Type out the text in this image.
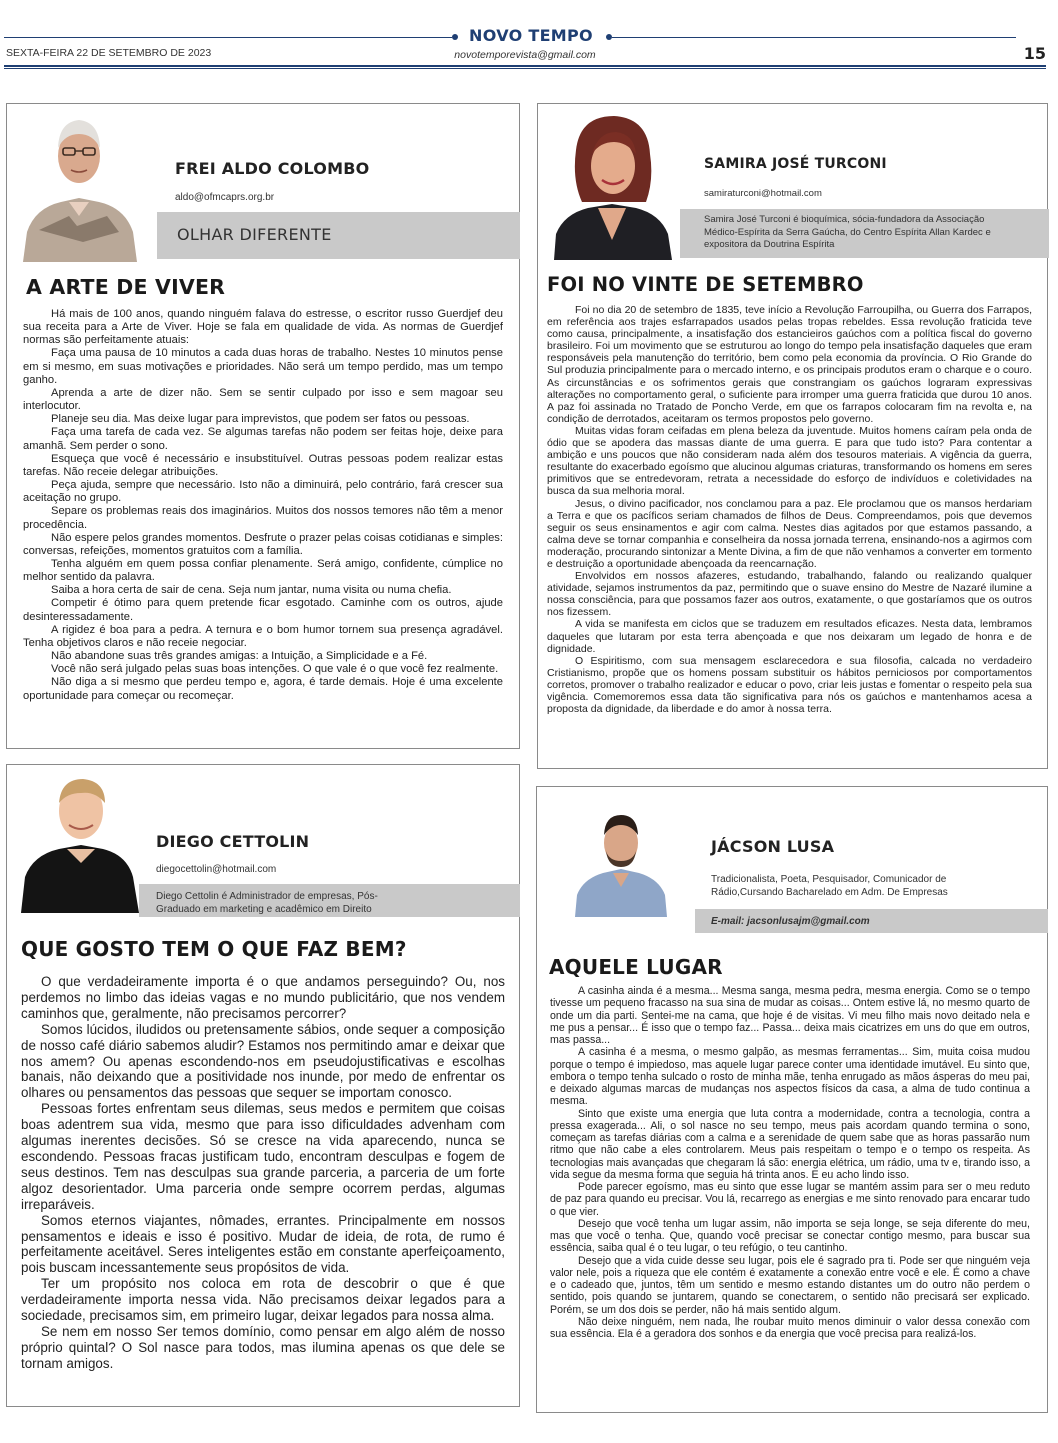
NOVO TEMPO
SEXTA-FEIRA 22 DE SETEMBRO DE 2023	novotemporevista@gmail.com	15
FREI ALDO COLOMBO
aldo@ofmcaprs.org.br
OLHAR DIFERENTE
A ARTE DE VIVER

Há mais de 100 anos, quando ninguém falava do estresse, o escritor russo Guerdjef deu sua receita para a Arte de Viver. Hoje se fala em qualidade de vida. As normas de Guerdjef normas são perfeitamente atuais:

Faça uma pausa de 10 minutos a cada duas horas de trabalho. Nestes 10 minutos pense em si mesmo, em suas motivações e prioridades. Não será um tempo perdido, mas um tempo ganho.

Aprenda a arte de dizer não. Sem se sentir culpado por isso e sem magoar seu interlocutor.

Planeje seu dia. Mas deixe lugar para imprevistos, que podem ser fatos ou pessoas.

Faça uma tarefa de cada vez. Se algumas tarefas não podem ser feitas hoje, deixe para amanhã. Sem perder o sono.

Esqueça que você é necessário e insubstituível. Outras pessoas podem realizar estas tarefas. Não receie delegar atribuições.

Peça ajuda, sempre que necessário. Isto não a diminuirá, pelo contrário, fará crescer sua aceitação no grupo.

Separe os problemas reais dos imaginários. Muitos dos nossos temores não têm a menor procedência.

Não espere pelos grandes momentos. Desfrute o prazer pelas coisas cotidianas e simples: conversas, refeições, momentos gratuitos com a família.

Tenha alguém em quem possa confiar plenamente. Será amigo, confidente, cúmplice no melhor sentido da palavra.

Saiba a hora certa de sair de cena. Seja num jantar, numa visita ou numa chefia.

Competir é ótimo para quem pretende ficar esgotado. Caminhe com os outros, ajude desinteressadamente.

A rigidez é boa para a pedra. A ternura e o bom humor tornem sua presença agradável. Tenha objetivos claros e não receie negociar.

Não abandone suas três grandes amigas: a Intuição, a Simplicidade e a Fé.

Você não será julgado pelas suas boas intenções. O que vale é o que você fez realmente.

Não diga a si mesmo que perdeu tempo e, agora, é tarde demais. Hoje é uma excelente oportunidade para começar ou recomeçar.

SAMIRA JOSÉ TURCONI
samiraturconi@hotmail.com
Samira José Turconi é bioquímica, sócia-fundadora da Associação Médico-Espírita da Serra Gaúcha, do Centro Espírita Allan Kardec e expositora da Doutrina Espírita
FOI NO VINTE DE SETEMBRO

Foi no dia 20 de setembro de 1835, teve início a Revolução Farroupilha, ou Guerra dos Farrapos, em referência aos trajes esfarrapados usados pelas tropas rebeldes. Essa revolução fraticida teve como causa, principalmente, a insatisfação dos estancieiros gaúchos com a política fiscal do governo brasileiro. Foi um movimento que se estruturou ao longo do tempo pela insatisfação daqueles que eram responsáveis pela manutenção do território, bem como pela economia da província. O Rio Grande do Sul produzia principalmente para o mercado interno, e os principais produtos eram o charque e o couro. As circunstâncias e os sofrimentos gerais que constrangiam os gaúchos lograram expressivas alterações no comportamento geral, o suficiente para irromper uma guerra fraticida que durou 10 anos. A paz foi assinada no Tratado de Poncho Verde, em que os farrapos colocaram fim na revolta e, na condição de derrotados, aceitaram os termos propostos pelo governo.

Muitas vidas foram ceifadas em plena beleza da juventude. Muitos homens caíram pela onda de ódio que se apodera das massas diante de uma guerra. E para que tudo isto? Para contentar a ambição e uns poucos que não consideram nada além dos tesouros materiais. A vigência da guerra, resultante do exacerbado egoísmo que alucinou algumas criaturas, transformando os homens em seres primitivos que se entredevoram, retrata a necessidade do esforço de indivíduos e coletividades na busca da sua melhoria moral.

Jesus, o divino pacificador, nos conclamou para a paz. Ele proclamou que os mansos herdariam a Terra e que os pacíficos seriam chamados de filhos de Deus. Compreendamos, pois que devemos seguir os seus ensinamentos e agir com calma. Nestes dias agitados por que estamos passando, a calma deve se tornar companhia e conselheira da nossa jornada terrena, ensinando-nos a agirmos com moderação, procurando sintonizar a Mente Divina, a fim de que não venhamos a converter em tormento e destruição a oportunidade abençoada da reencarnação.

Envolvidos em nossos afazeres, estudando, trabalhando, falando ou realizando qualquer atividade, sejamos instrumentos da paz, permitindo que o suave ensino do Mestre de Nazaré ilumine a nossa consciência, para que possamos fazer aos outros, exatamente, o que gostaríamos que os outros nos fizessem.

A vida se manifesta em ciclos que se traduzem em resultados eficazes. Nesta data, lembramos daqueles que lutaram por esta terra abençoada e que nos deixaram um legado de honra e de dignidade.

O Espiritismo, com sua mensagem esclarecedora e sua filosofia, calcada no verdadeiro Cristianismo, propõe que os homens possam substituir os hábitos perniciosos por comportamentos corretos, promover o trabalho realizador e educar o povo, criar leis justas e fomentar o respeito pela sua vigência. Comemoremos essa data tão significativa para nós os gaúchos e mantenhamos acesa a proposta da dignidade, da liberdade e do amor à nossa terra.

DIEGO CETTOLIN
diegocettolin@hotmail.com
Diego Cettolin é Administrador de empresas, Pós-Graduado em marketing e acadêmico em Direito
QUE GOSTO TEM O QUE FAZ BEM?

O que verdadeiramente importa é o que andamos perseguindo? Ou, nos perdemos no limbo das ideias vagas e no mundo publicitário, que nos vendem caminhos que, geralmente, não precisamos percorrer?

Somos lúcidos, iludidos ou pretensamente sábios, onde sequer a composição de nosso café diário sabemos aludir? Estamos nos permitindo amar e deixar que nos amem? Ou apenas escondendo-nos em pseudojustificativas e escolhas banais, não deixando que a positividade nos inunde, por medo de enfrentar os olhares ou pensamentos das pessoas que sequer se importam conosco.

Pessoas fortes enfrentam seus dilemas, seus medos e permitem que coisas boas adentrem sua vida, mesmo que para isso dificuldades advenham com algumas inerentes decisões. Só se cresce na vida aparecendo, nunca se escondendo. Pessoas fracas justificam tudo, encontram desculpas e fogem de seus destinos. Tem nas desculpas sua grande parceria, a parceria de um forte algoz desorientador. Uma parceria onde sempre ocorrem perdas, algumas irreparáveis.

Somos eternos viajantes, nômades, errantes. Principalmente em nossos pensamentos e ideais e isso é positivo. Mudar de ideia, de rota, de rumo é perfeitamente aceitável. Seres inteligentes estão em constante aperfeiçoamento, pois buscam incessantemente seus propósitos de vida.

Ter um propósito nos coloca em rota de descobrir o que é que verdadeiramente importa nessa vida. Não precisamos deixar legados para a sociedade, precisamos sim, em primeiro lugar, deixar legados para nossa alma.

Se nem em nosso Ser temos domínio, como pensar em algo além de nosso próprio quintal? O Sol nasce para todos, mas ilumina apenas os que dele se tornam amigos.

JÁCSON LUSA
Tradicionalista, Poeta, Pesquisador, Comunicador de Rádio,Cursando Bacharelado em Adm. De Empresas
E-mail: jacsonlusajm@gmail.com
AQUELE LUGAR

A casinha ainda é a mesma... Mesma sanga, mesma pedra, mesma energia. Como se o tempo tivesse um pequeno fracasso na sua sina de mudar as coisas... Ontem estive lá, no mesmo quarto de onde um dia parti. Sentei-me na cama, que hoje é de visitas. Vi meu filho mais novo deitado nela e me pus a pensar... É isso que o tempo faz... Passa... deixa mais cicatrizes em uns do que em outros, mas passa...

A casinha é a mesma, o mesmo galpão, as mesmas ferramentas... Sim, muita coisa mudou porque o tempo é impiedoso, mas aquele lugar parece conter uma identidade imutável. Eu sinto que, embora o tempo tenha sulcado o rosto de minha mãe, tenha enrugado as mãos ásperas do meu pai, e deixado algumas marcas de mudanças nos aspectos físicos da casa, a alma de tudo continua a mesma.

Sinto que existe uma energia que luta contra a modernidade, contra a tecnologia, contra a pressa exagerada... Ali, o sol nasce no seu tempo, meus pais acordam quando termina o sono, começam as tarefas diárias com a calma e a serenidade de quem sabe que as horas passarão num ritmo que não cabe a eles controlarem. Meus pais respeitam o tempo e o tempo os respeita. As tecnologias mais avançadas que chegaram lá são: energia elétrica, um rádio, uma tv e, tirando isso, a vida segue da mesma forma que seguia há trinta anos. E eu acho lindo isso.

Pode parecer egoísmo, mas eu sinto que esse lugar se mantém assim para ser o meu reduto de paz para quando eu precisar. Vou lá, recarrego as energias e me sinto renovado para encarar tudo o que vier.

Desejo que você tenha um lugar assim, não importa se seja longe, se seja diferente do meu, mas que você o tenha. Que, quando você precisar se conectar contigo mesmo, para buscar sua essência, saiba qual é o teu lugar, o teu refúgio, o teu cantinho.

Desejo que a vida cuide desse seu lugar, pois ele é sagrado pra ti. Pode ser que ninguém veja valor nele, pois a riqueza que ele contém é exatamente a conexão entre você e ele. É como a chave e o cadeado que, juntos, têm um sentido e mesmo estando distantes um do outro não perdem o sentido, pois quando se juntarem, quando se conectarem, o sentido não precisará ser explicado. Porém, se um dos dois se perder, não há mais sentido algum.

Não deixe ninguém, nem nada, lhe roubar muito menos diminuir o valor dessa conexão com sua essência. Ela é a geradora dos sonhos e da energia que você precisa para realizá-los.
